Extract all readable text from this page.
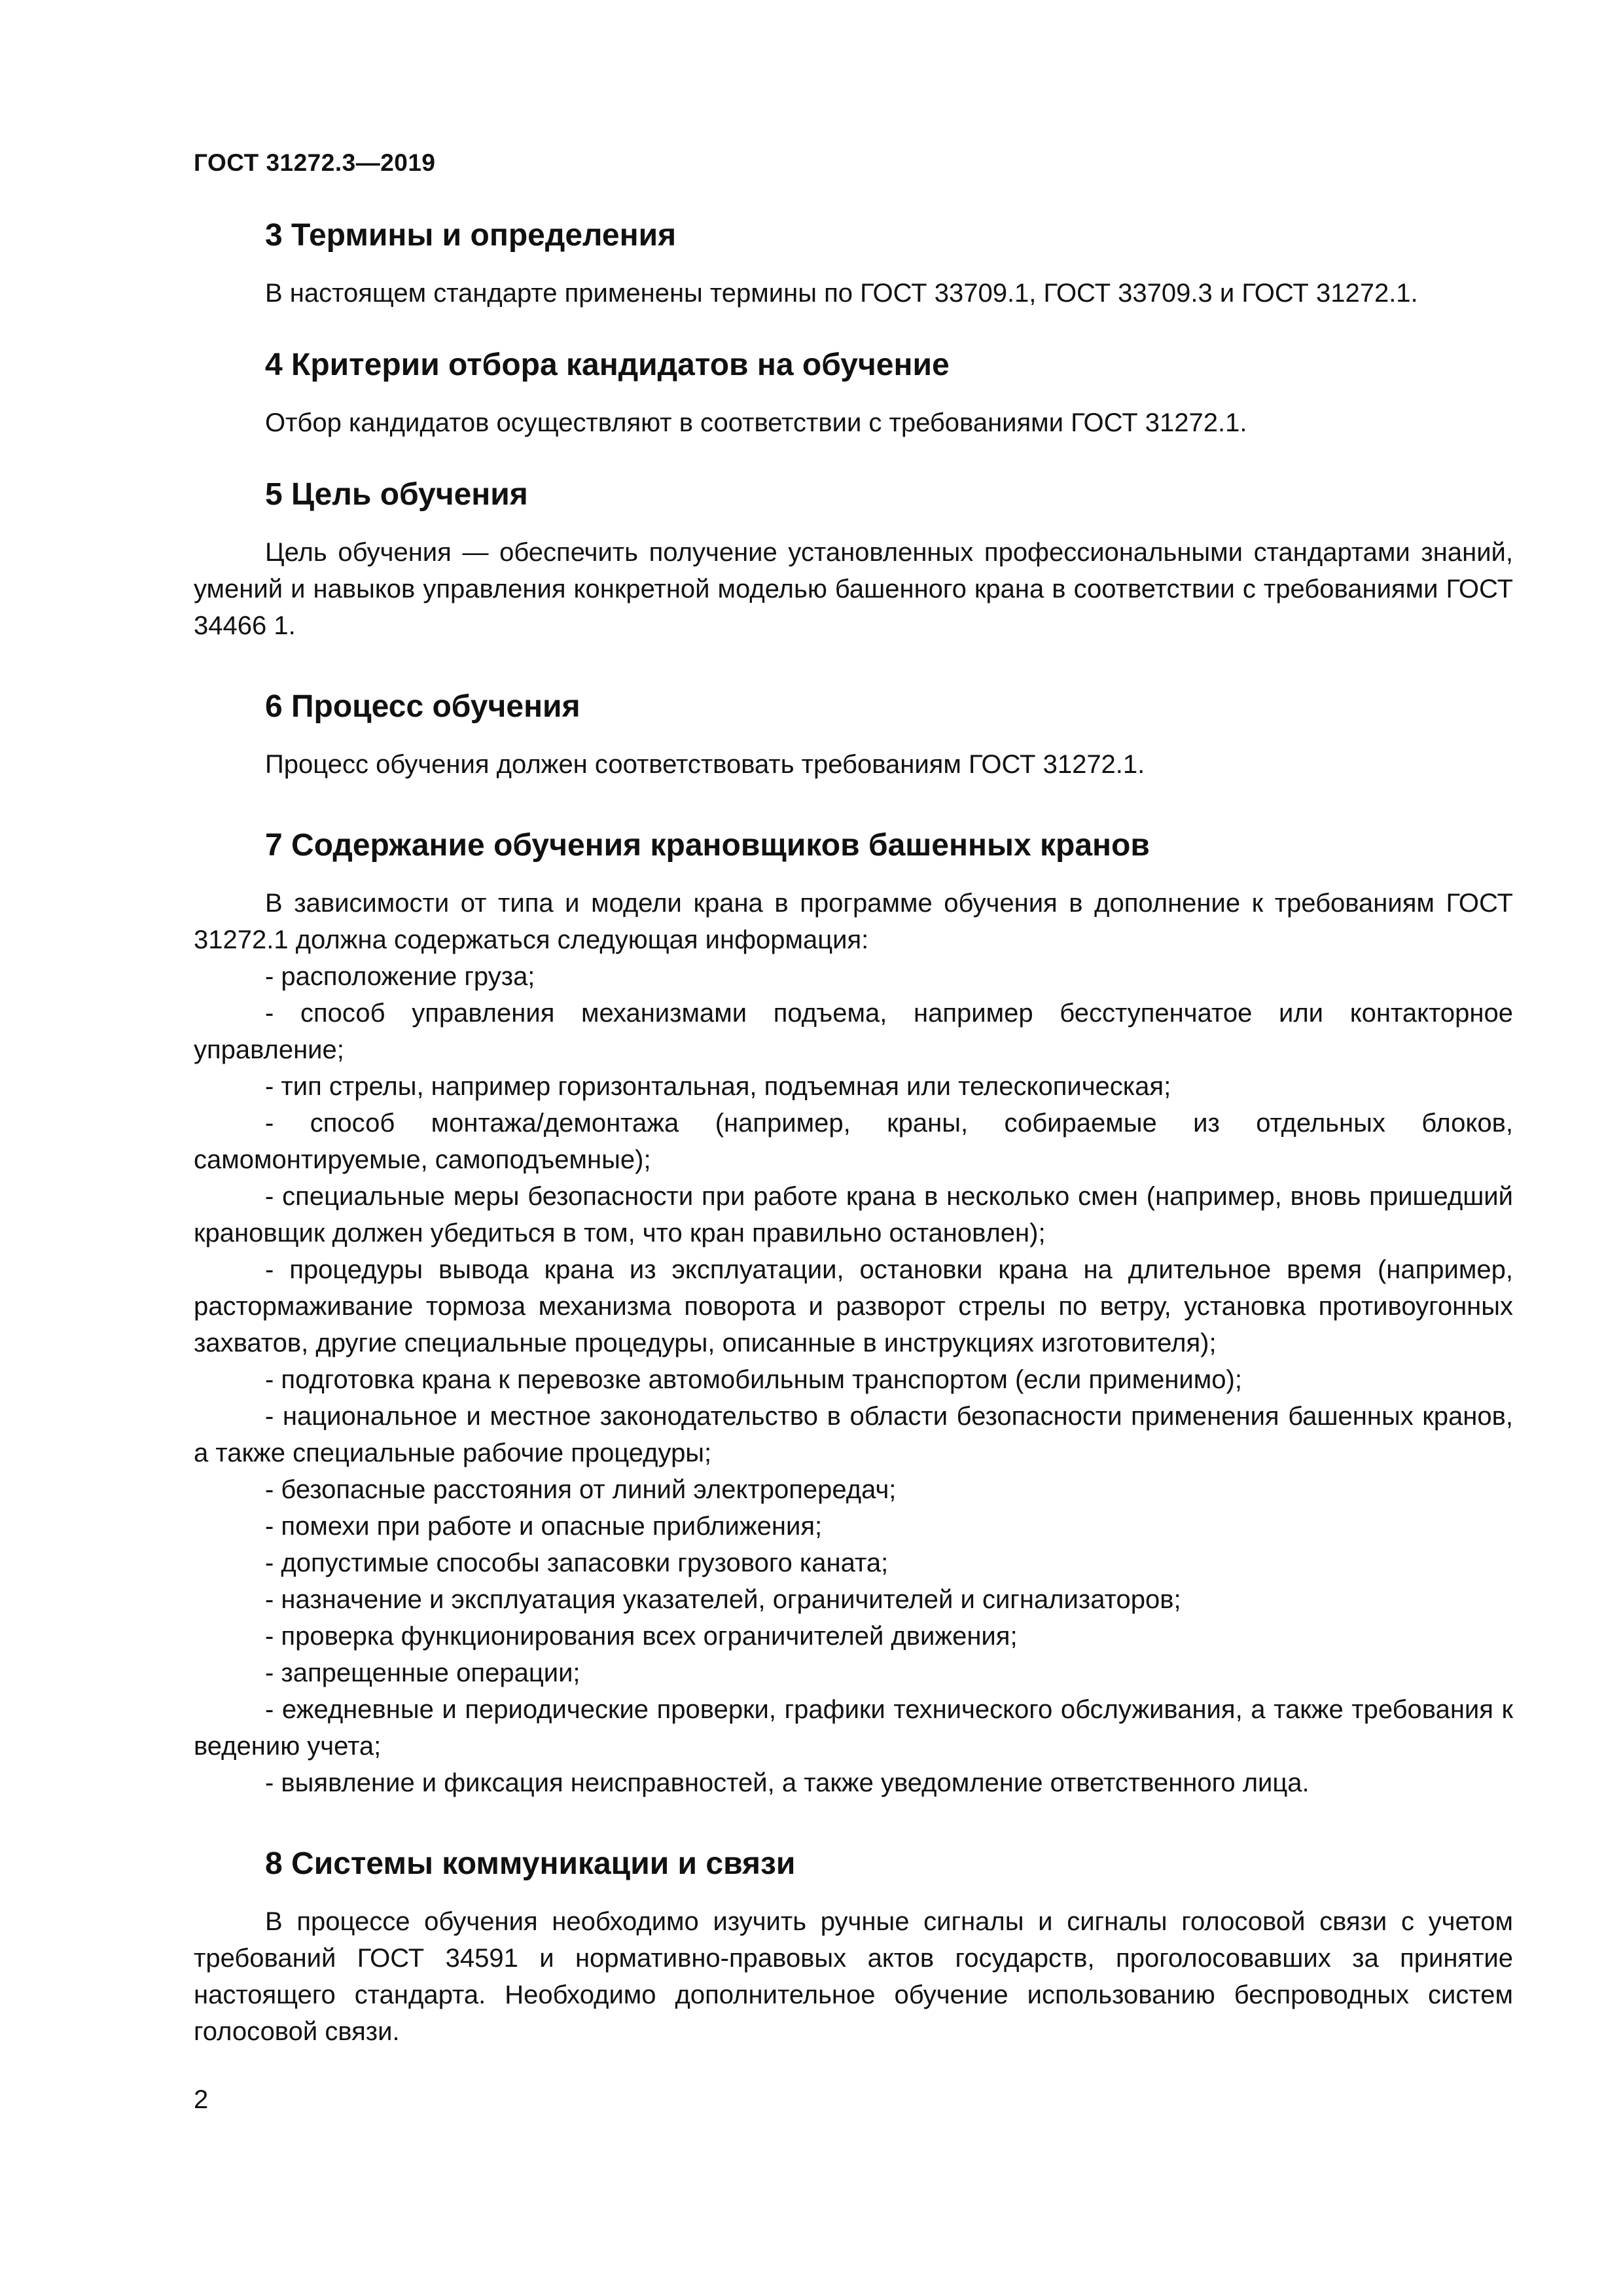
ГОСТ 31272.3—2019
3 Термины и определения

В настоящем стандарте применены термины по ГОСТ 33709.1, ГОСТ 33709.3 и ГОСТ 31272.1.

4 Критерии отбора кандидатов на обучение

Отбор кандидатов осуществляют в соответствии с требованиями ГОСТ 31272.1.

5 Цель обучения

Цель обучения — обеспечить получение установленных профессиональными стандартами знаний, умений и навыков управления конкретной моделью башенного крана в соответствии с требованиями ГОСТ 34466 1.

6 Процесс обучения

Процесс обучения должен соответствовать требованиям ГОСТ 31272.1.

7 Содержание обучения крановщиков башенных кранов

В зависимости от типа и модели крана в программе обучения в дополнение к требованиям ГОСТ 31272.1 должна содержаться следующая информация:

- расположение груза;
- способ управления механизмами подъема, например бесступенчатое или контакторное управление;
- тип стрелы, например горизонтальная, подъемная или телескопическая;
- способ монтажа/демонтажа (например, краны, собираемые из отдельных блоков, самомонтируемые, самоподъемные);
- специальные меры безопасности при работе крана в несколько смен (например, вновь пришедший крановщик должен убедиться в том, что кран правильно остановлен);
- процедуры вывода крана из эксплуатации, остановки крана на длительное время (например, растормаживание тормоза механизма поворота и разворот стрелы по ветру, установка противоугонных захватов, другие специальные процедуры, описанные в инструкциях изготовителя);
- подготовка крана к перевозке автомобильным транспортом (если применимо);
- национальное и местное законодательство в области безопасности применения башенных кранов, а также специальные рабочие процедуры;
- безопасные расстояния от линий электропередач;
- помехи при работе и опасные приближения;
- допустимые способы запасовки грузового каната;
- назначение и эксплуатация указателей, ограничителей и сигнализаторов;
- проверка функционирования всех ограничителей движения;
- запрещенные операции;
- ежедневные и периодические проверки, графики технического обслуживания, а также требования к ведению учета;
- выявление и фиксация неисправностей, а также уведомление ответственного лица.
8 Системы коммуникации и связи

В процессе обучения необходимо изучить ручные сигналы и сигналы голосовой связи с учетом требований ГОСТ 34591 и нормативно-правовых актов государств, проголосовавших за принятие настоящего стандарта. Необходимо дополнительное обучение использованию беспроводных систем голосовой связи.

2
